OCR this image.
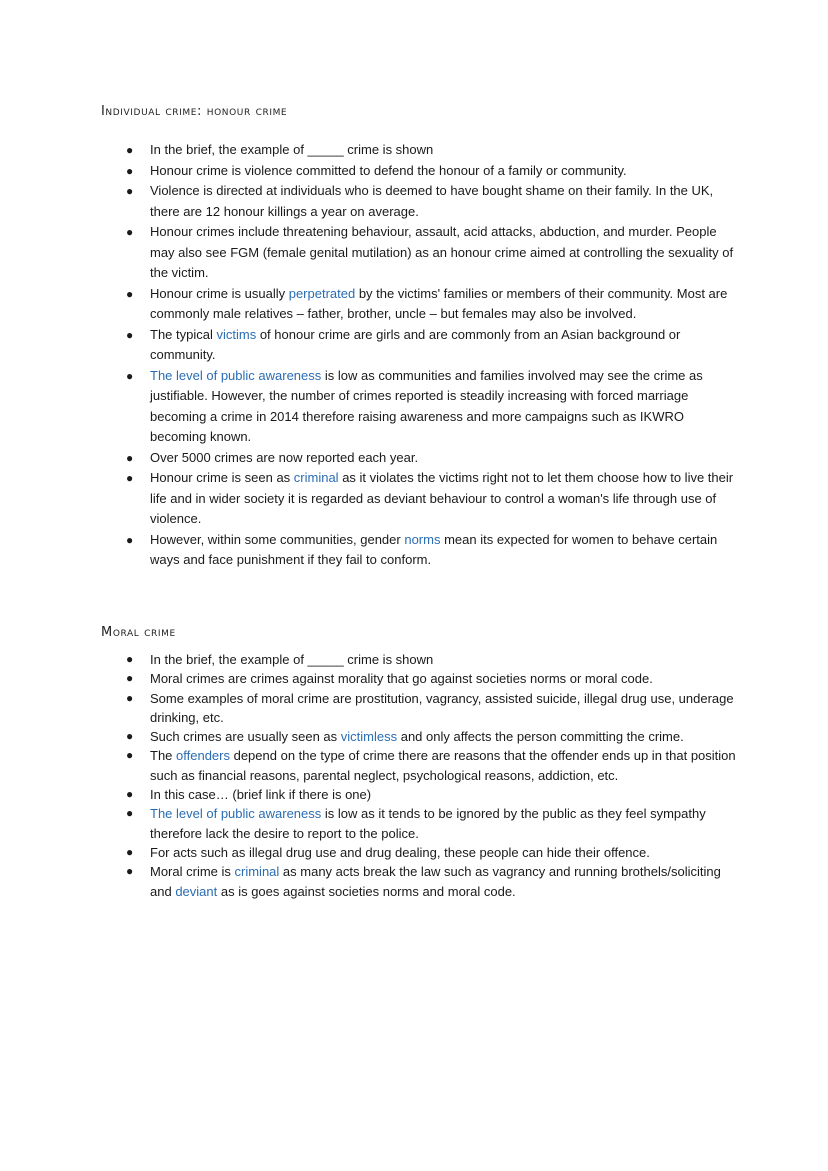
Individual crime: honour crime
● In the brief, the example of _____ crime is shown
● Honour crime is violence committed to defend the honour of a family or community.
● Violence is directed at individuals who is deemed to have bought shame on their family. In the UK, there are 12 honour killings a year on average.
● Honour crimes include threatening behaviour, assault, acid attacks, abduction, and murder. People may also see FGM (female genital mutilation) as an honour crime aimed at controlling the sexuality of the victim.
● Honour crime is usually perpetrated by the victims' families or members of their community. Most are commonly male relatives – father, brother, uncle – but females may also be involved.
● The typical victims of honour crime are girls and are commonly from an Asian background or community.
● The level of public awareness is low as communities and families involved may see the crime as justifiable. However, the number of crimes reported is steadily increasing with forced marriage becoming a crime in 2014 therefore raising awareness and more campaigns such as IKWRO becoming known.
● Over 5000 crimes are now reported each year.
● Honour crime is seen as criminal as it violates the victims right not to let them choose how to live their life and in wider society it is regarded as deviant behaviour to control a woman's life through use of violence.
● However, within some communities, gender norms mean its expected for women to behave certain ways and face punishment if they fail to conform.
Moral crime
● In the brief, the example of _____ crime is shown
● Moral crimes are crimes against morality that go against societies norms or moral code.
● Some examples of moral crime are prostitution, vagrancy, assisted suicide, illegal drug use, underage drinking, etc.
● Such crimes are usually seen as victimless and only affects the person committing the crime.
● The offenders depend on the type of crime there are reasons that the offender ends up in that position such as financial reasons, parental neglect, psychological reasons, addiction, etc.
● In this case… (brief link if there is one)
● The level of public awareness is low as it tends to be ignored by the public as they feel sympathy therefore lack the desire to report to the police.
● For acts such as illegal drug use and drug dealing, these people can hide their offence.
● Moral crime is criminal as many acts break the law such as vagrancy and running brothels/soliciting and deviant as is goes against societies norms and moral code.
